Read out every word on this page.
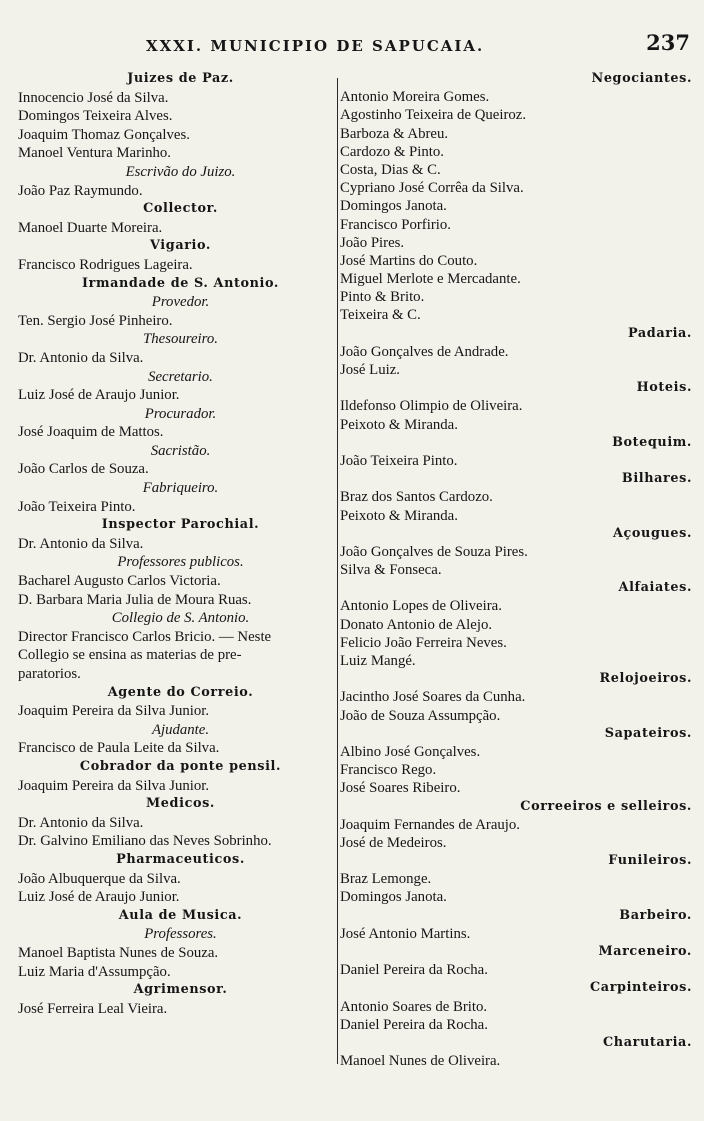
XXXI. MUNICIPIO DE SAPUCAIA.	237
Juizes de Paz.
Innocencio José da Silva.
Domingos Teixeira Alves.
Joaquim Thomaz Gonçalves.
Manoel Ventura Marinho.
Escrivão do Juizo.
João Paz Raymundo.
Collector.
Manoel Duarte Moreira.
Vigario.
Francisco Rodrigues Lageira.
Irmandade de S. Antonio.
Provedor.
Ten. Sergio José Pinheiro.
Thesoureiro.
Dr. Antonio da Silva.
Secretario.
Luiz José de Araujo Junior.
Procurador.
José Joaquim de Mattos.
Sacristão.
João Carlos de Souza.
Fabriqueiro.
João Teixeira Pinto.
Inspector Parochial.
Dr. Antonio da Silva.
Professores publicos.
Bacharel Augusto Carlos Victoria.
D. Barbara Maria Julia de Moura Ruas.
Collegio de S. Antonio.
Director Francisco Carlos Bricio. — Neste
Collegio se ensina as materias de pre-
paratorios.
Agente do Correio.
Joaquim Pereira da Silva Junior.
Ajudante.
Francisco de Paula Leite da Silva.
Cobrador da ponte pensil.
Joaquim Pereira da Silva Junior.
Medicos.
Dr. Antonio da Silva.
Dr. Galvino Emiliano das Neves Sobrinho.
Pharmaceuticos.
João Albuquerque da Silva.
Luiz José de Araujo Junior.
Aula de Musica.
Professores.
Manoel Baptista Nunes de Souza.
Luiz Maria d'Assumpção.
Agrimensor.
José Ferreira Leal Vieira.
Negociantes.
Antonio Moreira Gomes.
Agostinho Teixeira de Queiroz.
Barboza & Abreu.
Cardozo & Pinto.
Costa, Dias & C.
Cypriano José Corrêa da Silva.
Domingos Janota.
Francisco Porfirio.
João Pires.
José Martins do Couto.
Miguel Merlote e Mercadante.
Pinto & Brito.
Teixeira & C.
Padaria.
João Gonçalves de Andrade.
José Luiz.
Hoteis.
Ildefonso Olimpio de Oliveira.
Peixoto & Miranda.
Botequim.
João Teixeira Pinto.
Bilhares.
Braz dos Santos Cardozo.
Peixoto & Miranda.
Açougues.
João Gonçalves de Souza Pires.
Silva & Fonseca.
Alfaiates.
Antonio Lopes de Oliveira.
Donato Antonio de Alejo.
Felicio João Ferreira Neves.
Luiz Mangé.
Relojoeiros.
Jacintho José Soares da Cunha.
João de Souza Assumpção.
Sapateiros.
Albino José Gonçalves.
Francisco Rego.
José Soares Ribeiro.
Correeiros e selleiros.
Joaquim Fernandes de Araujo.
José de Medeiros.
Funileiros.
Braz Lemonge.
Domingos Janota.
Barbeiro.
José Antonio Martins.
Marceneiro.
Daniel Pereira da Rocha.
Carpinteiros.
Antonio Soares de Brito.
Daniel Pereira da Rocha.
Charutaria.
Manoel Nunes de Oliveira.
